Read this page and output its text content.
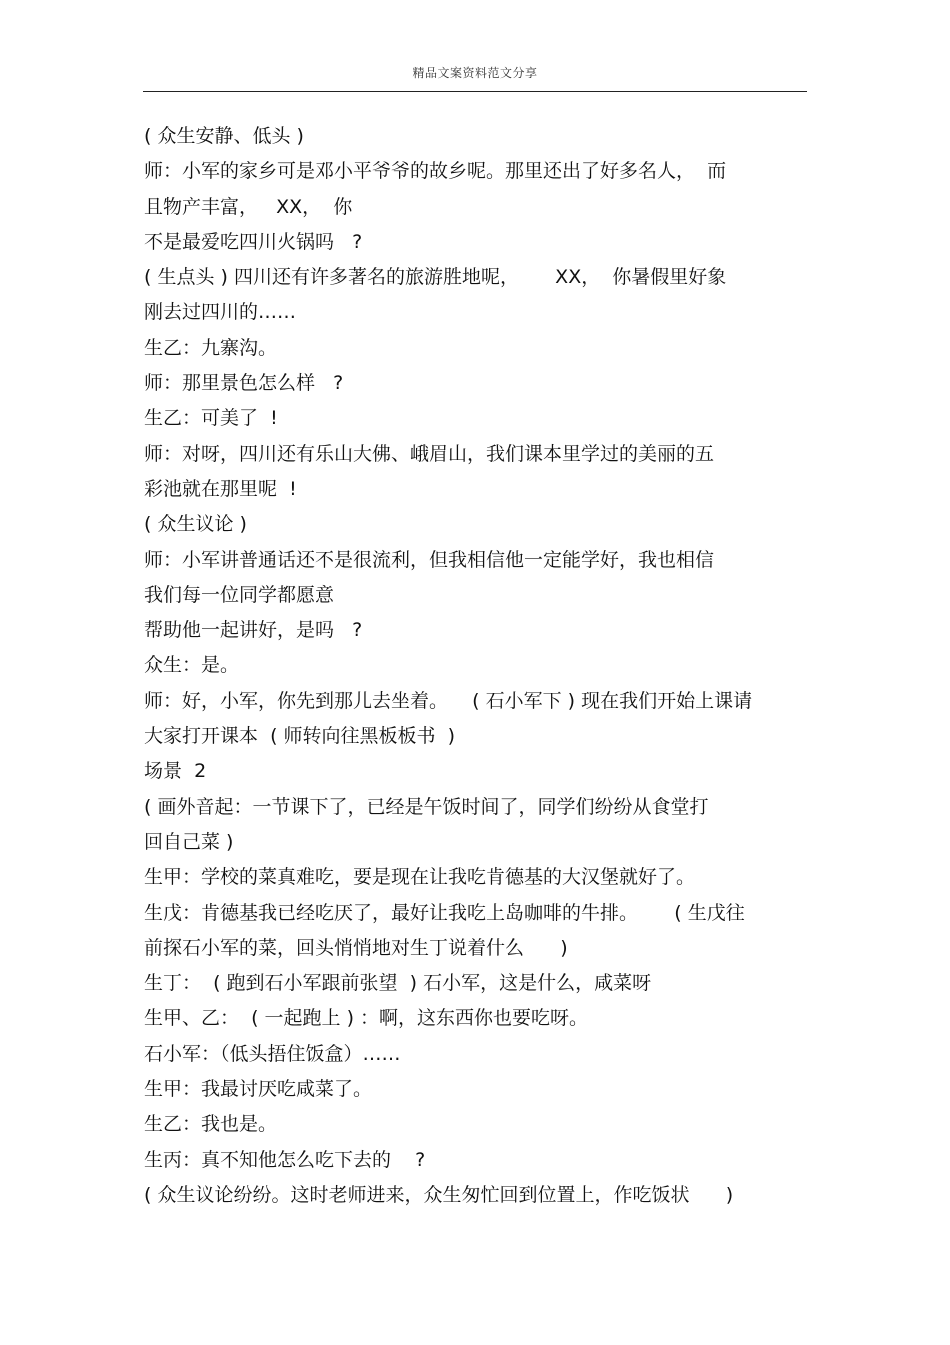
精品文案资料范文分享
( 众生安静、低头 )
师：小军的家乡可是邓小平爷爷的故乡呢。那里还出了好多名人，  而
且物产丰富，   XX，  你
不是最爱吃四川火锅吗   ?
( 生点头 ) 四川还有许多著名的旅游胜地呢，      XX，  你暑假里好象
刚去过四川的……
生乙：九寨沟。
师：那里景色怎么样   ?
生乙：可美了  !
师：对呀，四川还有乐山大佛、峨眉山，我们课本里学过的美丽的五
彩池就在那里呢  !
( 众生议论 )
师：小军讲普通话还不是很流利，但我相信他一定能学好，我也相信
我们每一位同学都愿意
帮助他一起讲好，是吗   ?
众生：是。
师：好，小军，你先到那儿去坐着。    ( 石小军下 ) 现在我们开始上课请
大家打开课本  ( 师转向往黑板板书  )
场景  2
( 画外音起：一节课下了，已经是午饭时间了，同学们纷纷从食堂打
回自己菜 )
生甲：学校的菜真难吃，要是现在让我吃肯德基的大汉堡就好了。
生戊：肯德基我已经吃厌了，最好让我吃上岛咖啡的牛排。      ( 生戊往
前探石小军的菜，回头悄悄地对生丁说着什么      )
生丁：  ( 跑到石小军跟前张望  ) 石小军，这是什么，咸菜呀
生甲、乙：  ( 一起跑上 ) ：啊，这东西你也要吃呀。
石小军：（低头捂住饭盒）……
生甲：我最讨厌吃咸菜了。
生乙：我也是。
生丙：真不知他怎么吃下去的    ?
( 众生议论纷纷。这时老师进来，众生匆忙回到位置上，作吃饭状      )
